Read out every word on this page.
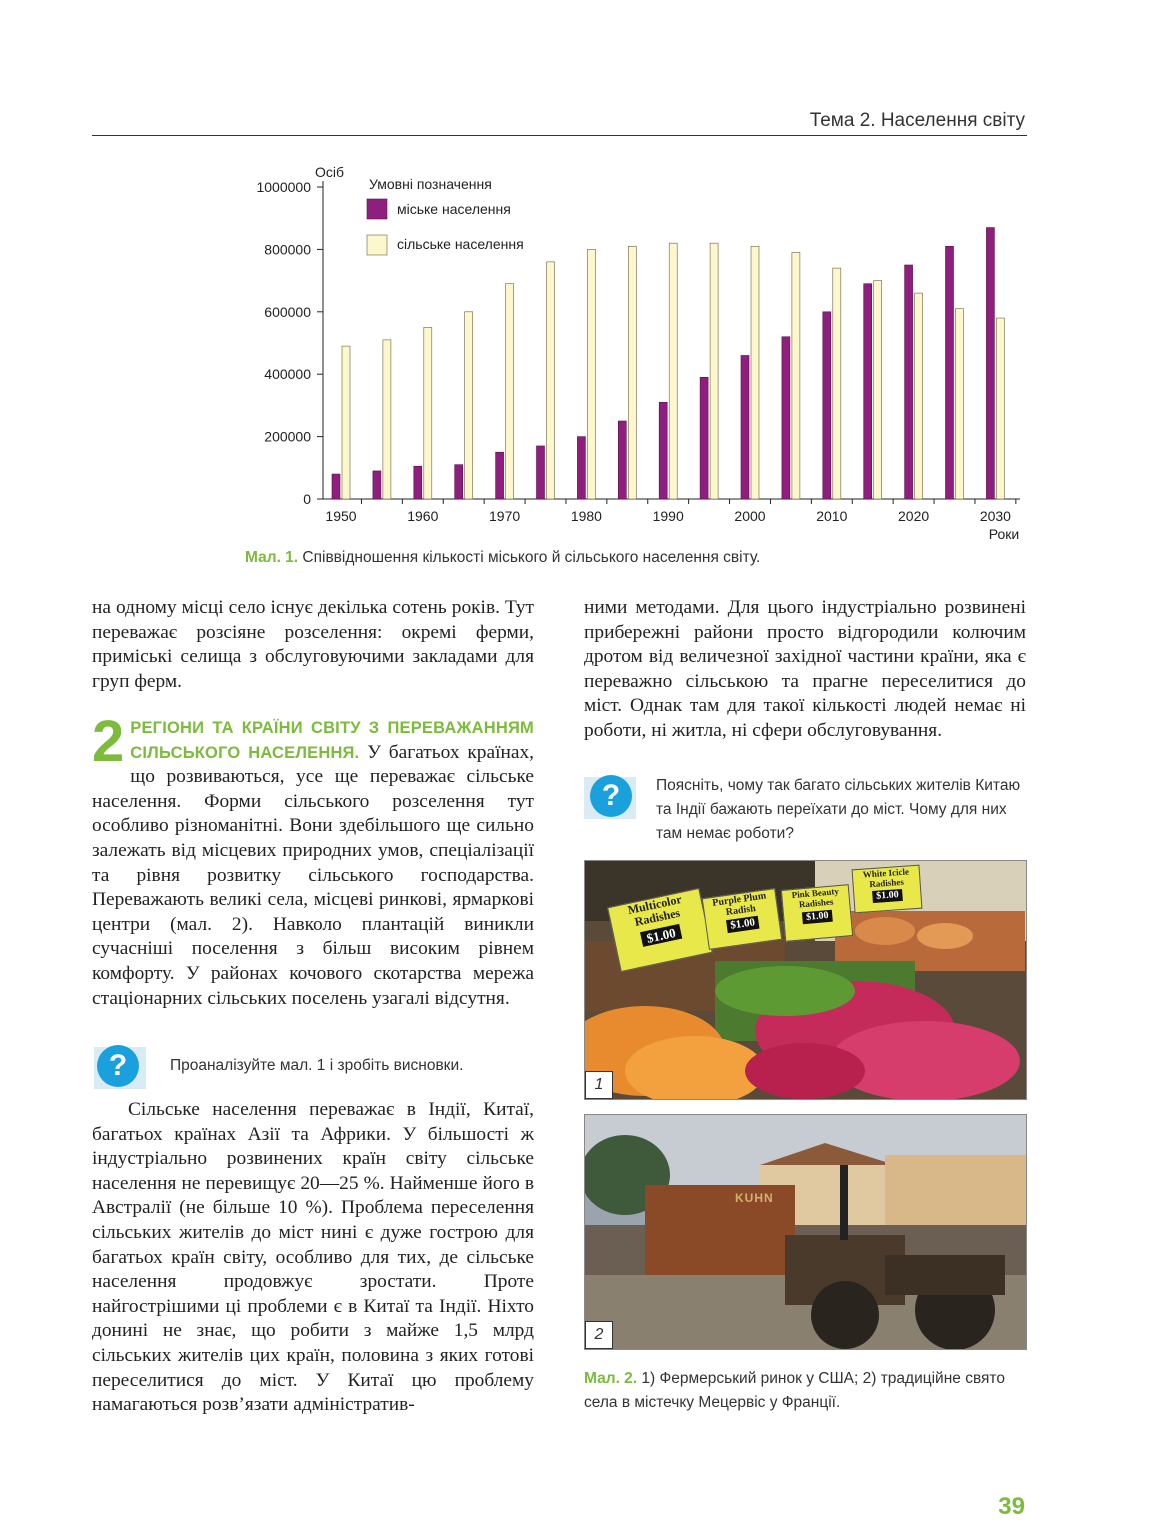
Тема 2. Населення світу
1000000
800000
600000
400000
200000
0
Осіб
1950	1960	1970	1980	1990	2000	2010	2020	2030
Роки
Умовні позначення
міське населення
сільське населення
Мал. 1. Співвідношення кількості міського й сільського населення світу.

на одному місці село існує декілька сотень років. Тут переважає розсіяне розселення: окремі ферми, приміські селища з обслуговуючими закладами для груп ферм.

2 РЕГІОНИ ТА КРАЇНИ СВІТУ З ПЕРЕВАЖАННЯМ СІЛЬСЬКОГО НАСЕЛЕННЯ. У багатьох країнах, що розвиваються, усе ще переважає сільське населення. Форми сільського розселення тут особливо різноманітні. Вони здебільшого ще сильно залежать від місцевих природних умов, спеціалізації та рівня розвитку сільського господарства. Переважають великі села, місцеві ринкові, ярмаркові центри (мал. 2). Навколо плантацій виникли сучасніші поселення з більш високим рівнем комфорту. У районах кочового скотарства мережа стаціонарних сільських поселень узагалі відсутня.
?	Проаналізуйте мал. 1 і зробіть висновки.

Сільське населення переважає в Індії, Китаї, багатьох країнах Азії та Африки. У більшості ж індустріально розвинених країн світу сільське населення не перевищує 20—25 %. Найменше його в Австралії (не більше 10 %). Проблема переселення сільських жителів до міст нині є дуже гострою для багатьох країн світу, особливо для тих, де сільське населення продовжує зростати. Проте найгострішими ці проблеми є в Китаї та Індії. Ніхто донині не знає, що робити з майже 1,5 млрд сільських жителів цих країн, половина з яких готові переселитися до міст. У Китаї цю проблему намагаються розв’язати адміністратив-

ними методами. Для цього індустріально розвинені прибережні райони просто відгородили колючим дротом від величезної західної частини країни, яка є переважно сільською та прагне переселитися до міст. Однак там для такої кількості людей немає ні роботи, ні житла, ні сфери обслуговування.

?	Поясніть, чому так багато сільських жителів Китаю та Індії бажають переїхати до міст. Чому для них там немає роботи?
Multicolor Radishes
$1.00
Purple Plum Radish
$1.00
Pink Beauty Radishes
$1.00
White Icicle Radishes
$1.00
1
KUHN
2
Мал. 2. 1) Фермерський ринок у США; 2) традиційне свято села в містечку Мецервіс у Франції.
39
